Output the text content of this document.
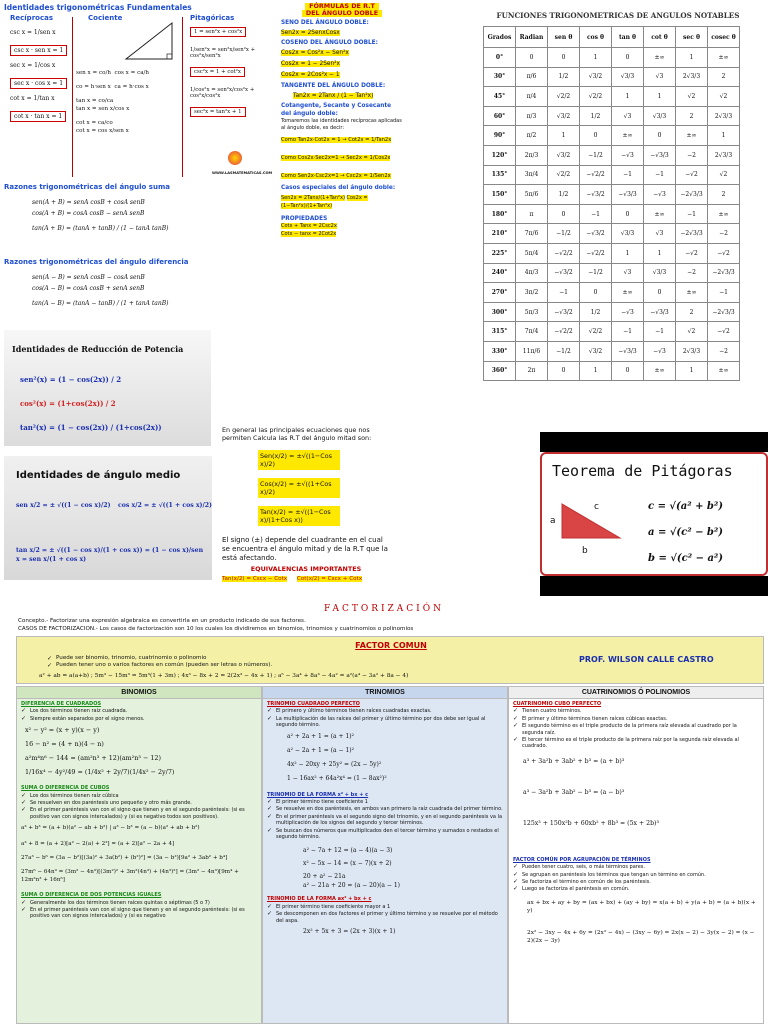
Identidades trigonométricas Fundamentales
Recíprocas	Cociente	Pitagóricas
csc x = 1/sen x
csc x · sen x = 1
sec x = 1/cos x
sec x · cos x = 1
cot x = 1/tan x
cot x · tan x = 1
sen x = co/h cos x = ca/h
co = h·sen x ca = h·cos x
tan x = co/ca
tan x = sen x/cos x
cot x = ca/co
cot x = cos x/sen x
1 = sen²x + cos²x
1/sen²x = sen²x/sen²x + cos²x/sen²x
csc²x = 1 + cot²x
1/cos²x = sen²x/cos²x + cos²x/cos²x
sec²x = tan²x + 1
WWW.LASMATEMATICAS.COM
Razones trigonométricas del ángulo suma
sen(A + B) = senA cosB + cosA senB
cos(A + B) = cosA cosB − senA senB
tan(A + B) = (tanA + tanB) / (1 − tanA tanB)
Razones trigonométricas del ángulo diferencia
sen(A − B) = senA cosB − cosA senB
cos(A − B) = cosA cosB + senA senB
tan(A − B) = (tanA − tanB) / (1 + tanA tanB)
FÓRMULAS DE R.T
DEL ÁNGULO DOBLE
SENO DEL ÁNGULO DOBLE:
Sen2x = 2SenxCosx
COSENO DEL ÁNGULO DOBLE:
Cos2x = Cos²x − Sen²x
Cos2x = 1 − 2Sen²x
Cos2x = 2Cos²x − 1
TANGENTE DEL ÁNGULO DOBLE:
Tan2x = 2Tanx / (1 − Tan²x)
Cotangente, Secante y Cosecante del ángulo doble:
Tomaremos las identidades recíprocas aplicadas al ángulo doble, es decir:
Como Tan2x·Cot2x = 1 → Cot2x = 1/Tan2x
Como Cos2x·Sec2x=1 → Sec2x = 1/Cos2x
Como Sen2x·Csc2x=1 → Csc2x = 1/Sen2x
Casos especiales del ángulo doble:
Sen2x = 2Tanx/(1+Tan²x) Cos2x = (1−Tan²x)/(1+Tan²x)
PROPIEDADES
Cotx + Tanx = 2Csc2x
Cotx − tanx = 2Cot2x
FUNCIONES TRIGONOMETRICAS DE ANGULOS NOTABLES
Grados	Radian	sen θ	cos θ	tan θ	cot θ	sec θ	cosec θ
0°	0	0	1	0	±∞	1	±∞
30°	π/6	1/2	√3/2	√3/3	√3	2√3/3	2
45°	π/4	√2/2	√2/2	1	1	√2	√2
60°	π/3	√3/2	1/2	√3	√3/3	2	2√3/3
90°	π/2	1	0	±∞	0	±∞	1
120°	2π/3	√3/2	−1/2	−√3	−√3/3	−2	2√3/3
135°	3π/4	√2/2	−√2/2	−1	−1	−√2	√2
150°	5π/6	1/2	−√3/2	−√3/3	−√3	−2√3/3	2
180°	π	0	−1	0	±∞	−1	±∞
210°	7π/6	−1/2	−√3/2	√3/3	√3	−2√3/3	−2
225°	5π/4	−√2/2	−√2/2	1	1	−√2	−√2
240°	4π/3	−√3/2	−1/2	√3	√3/3	−2	−2√3/3
270°	3π/2	−1	0	±∞	0	±∞	−1
300°	5π/3	−√3/2	1/2	−√3	−√3/3	2	−2√3/3
315°	7π/4	−√2/2	√2/2	−1	−1	√2	−√2
330°	11π/6	−1/2	√3/2	−√3/3	−√3	2√3/3	−2
360°	2π	0	1	0	±∞	1	±∞
Identidades de Reducción de Potencia
sen²(x) = (1 − cos(2x)) / 2
cos²(x) = (1+cos(2x)) / 2
tan²(x) = (1 − cos(2x)) / (1+cos(2x))
Identidades de ángulo medio
sen x/2 = ± √((1 − cos x)/2) cos x/2 = ± √((1 + cos x)/2)
tan x/2 = ± √((1 − cos x)/(1 + cos x)) = (1 − cos x)/sen x = sen x/(1 + cos x)
En general las principales ecuaciones que nos permiten Calcula las R.T del ángulo mitad son:
Sen(x/2) = ±√((1−Cos x)/2)
Cos(x/2) = ±√((1+Cos x)/2)
Tan(x/2) = ±√((1−Cos x)/(1+Cos x))
El signo (±) depende del cuadrante en el cual se encuentra el ángulo mitad y de la R.T que la está afectando.
EQUIVALENCIAS IMPORTANTES
Tan(x/2) = Cscx − Cotx Cot(x/2) = Cscx + Cotx
Teorema de Pitágoras
a
b
c	c = √(a² + b²)
a = √(c² − b²)
b = √(c² − a²)
FACTORIZACIÓN
Concepto.- Factorizar una expresión algebraica es convertirla en un producto indicado de sus factores.
CASOS DE FACTORIZACION.- Los casos de factorización son 10 los cuales los dividiremos en binomios, trinomios y cuatrinomios o polinomios
FACTOR COMUN
✓ Puede ser binomio, trinomio, cuatrinomio o polinomio
✓ Pueden tener uno o varios factores en común (pueden ser letras o números).
a² + ab = a(a+b) ; 5m³ − 15m³ = 5m³(1 + 3m) ; 4x³ − 8x + 2 = 2(2x³ − 4x + 1) ; a⁵ − 3a⁴ + 8a³ − 4a² = a²(a⁴ − 3a² + 8a − 4)
PROF. WILSON CALLE CASTRO
BINOMIOS
DIFERENCIA DE CUADRADOS
✓ Los dos términos tienen raíz cuadrada.
✓ Siempre están separados por el signo menos.
x² − y² = (x + y)(x − y)
16 − n² = (4 + n)(4 − n)
a²m⁴n⁶ − 144 = (am²n³ + 12)(am²n³ − 12)
1/16x⁴ − 4y²/49 = (1/4x² + 2y/7)(1/4x² − 2y/7)
SUMA O DIFERENCIA DE CUBOS
✓ Los dos términos tienen raíz cúbica
✓ Se resuelven en dos paréntesis uno pequeño y otro más grande.
✓ En el primer paréntesis van con el signo que tienen y en el segundo paréntesis: (si es positivo van con signos intercalados) y (si es negativo todos son positivos).
a³ + b³ = (a + b)(a² − ab + b²) | a³ − b³ = (a − b)(a² + ab + b²)
a³ + 8 = (a + 2)[a² − 2(a) + 2²] = (a + 2)[a² − 2a + 4]
27a³ − b⁶ = (3a − b²)[(3a)² + 3a(b²) + (b²)²] = (3a − b²)[9a² + 3ab² + b⁴]
27m⁶ − 64n⁹ = (3m² − 4n³)[(3m²)² + 3m²(4n³) + (4n³)²] = (3m² − 4n³)[9m⁴ + 12m²n³ + 16n⁶]
SUMA O DIFERENCIA DE DOS POTENCIAS IGUALES
✓ Generalmente los dos términos tienen raíces quintas o séptimas (5 o 7)
✓ En el primer paréntesis van con el signo que tienen y en el segundo paréntesis: (si es positivo van con signos intercalados) y (si es negativo
TRINOMIOS
TRINOMIO CUADRADO PERFECTO
✓ El primero y último términos tienen raíces cuadradas exactas.
✓ La multiplicación de las raíces del primer y último término por dos debe ser igual al segundo término.
a² + 2a + 1 = (a + 1)²
a² − 2a + 1 = (a − 1)²
4x² − 20xy + 25y² = (2x − 5y)²
1 − 16ax² + 64a²x⁴ = (1 − 8ax²)²
TRINOMIO DE LA FORMA x² + bx + c
✓ El primer término tiene coeficiente 1
✓ Se resuelve en dos paréntesis, en ambos van primero la raíz cuadrada del primer término.
✓ En el primer paréntesis va el segundo signo del trinomio, y en el segundo paréntesis va la multiplicación de los signos del segundo y tercer términos.
✓ Se buscan dos números que multiplicados den el tercer término y sumados o restados el segundo término.
a² − 7a + 12 = (a − 4)(a − 3)
x² − 5x − 14 = (x − 7)(x + 2)
20 + a² − 21a
a² − 21a + 20 = (a − 20)(a − 1)
TRINOMIO DE LA FORMA ax² + bx + c
✓ El primer término tiene coeficiente mayor a 1
✓ Se descomponen en dos factores el primer y último término y se resuelve por el método del aspa.
2x² + 5x + 3 = (2x + 3)(x + 1)
CUATRINOMIOS Ó POLINOMIOS
CUATRINOMIO CUBO PERFECTO
✓ Tienen cuatro términos.
✓ El primer y último términos tienen raíces cúbicas exactas.
✓ El segundo término es el triple producto de la primera raíz elevada al cuadrado por la segunda raíz.
✓ El tercer término es el triple producto de la primera raíz por la segunda raíz elevada al cuadrado.
a³ + 3a²b + 3ab² + b³ = (a + b)³
a³ − 3a²b + 3ab² − b³ = (a − b)³
125x³ + 150x²b + 60xb² + 8b³ = (5x + 2b)³
FACTOR COMÚN POR AGRUPACIÓN DE TÉRMINOS
✓ Pueden tener cuatro, seis, o más términos pares.
✓ Se agrupan en paréntesis los términos que tengan un término en común.
✓ Se factoriza el término en común de los paréntesis.
✓ Luego se factoriza el paréntesis en común.
ax + bx + ay + by = (ax + bx) + (ay + by) = x(a + b) + y(a + b) = (a + b)(x + y)
2x² − 3xy − 4x + 6y = (2x² − 4x) − (3xy − 6y) = 2x(x − 2) − 3y(x − 2) = (x − 2)(2x − 3y)
